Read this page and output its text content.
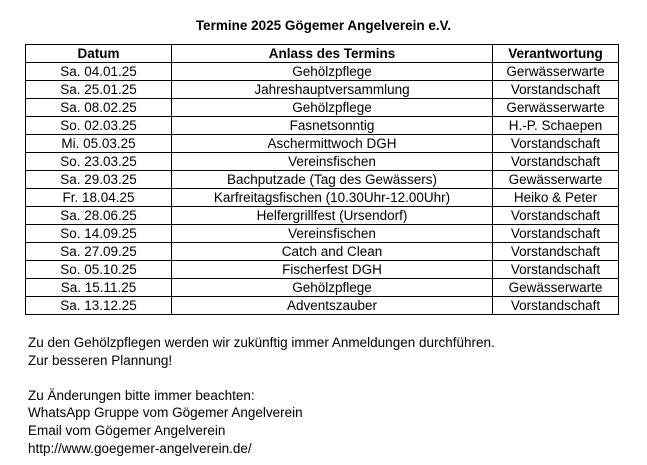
Termine 2025 Gögemer Angelverein e.V.
Datum	Anlass des Termins	Verantwortung
Sa. 04.01.25	Gehölzpflege	Gerwässerwarte
Sa. 25.01.25	Jahreshauptversammlung	Vorstandschaft
Sa. 08.02.25	Gehölzpflege	Gerwässerwarte
So. 02.03.25	Fasnetsonntig	H.-P. Schaepen
Mi. 05.03.25	Aschermittwoch DGH	Vorstandschaft
So. 23.03.25	Vereinsfischen	Vorstandschaft
Sa. 29.03.25	Bachputzade (Tag des Gewässers)	Gewässerwarte
Fr. 18.04.25	Karfreitagsfischen (10.30Uhr-12.00Uhr)	Heiko & Peter
Sa. 28.06.25	Helfergrillfest (Ursendorf)	Vorstandschaft
So. 14.09.25	Vereinsfischen	Vorstandschaft
Sa. 27.09.25	Catch and Clean	Vorstandschaft
So. 05.10.25	Fischerfest DGH	Vorstandschaft
Sa. 15.11.25	Gehölzpflege	Gewässerwarte
Sa. 13.12.25	Adventszauber	Vorstandschaft
Zu den Gehölzpflegen werden wir zukünftig immer Anmeldungen durchführen.
Zur besseren Plannung!
Zu Änderungen bitte immer beachten:
WhatsApp Gruppe vom Gögemer Angelverein
Email vom Gögemer Angelverein
http://www.goegemer-angelverein.de/
